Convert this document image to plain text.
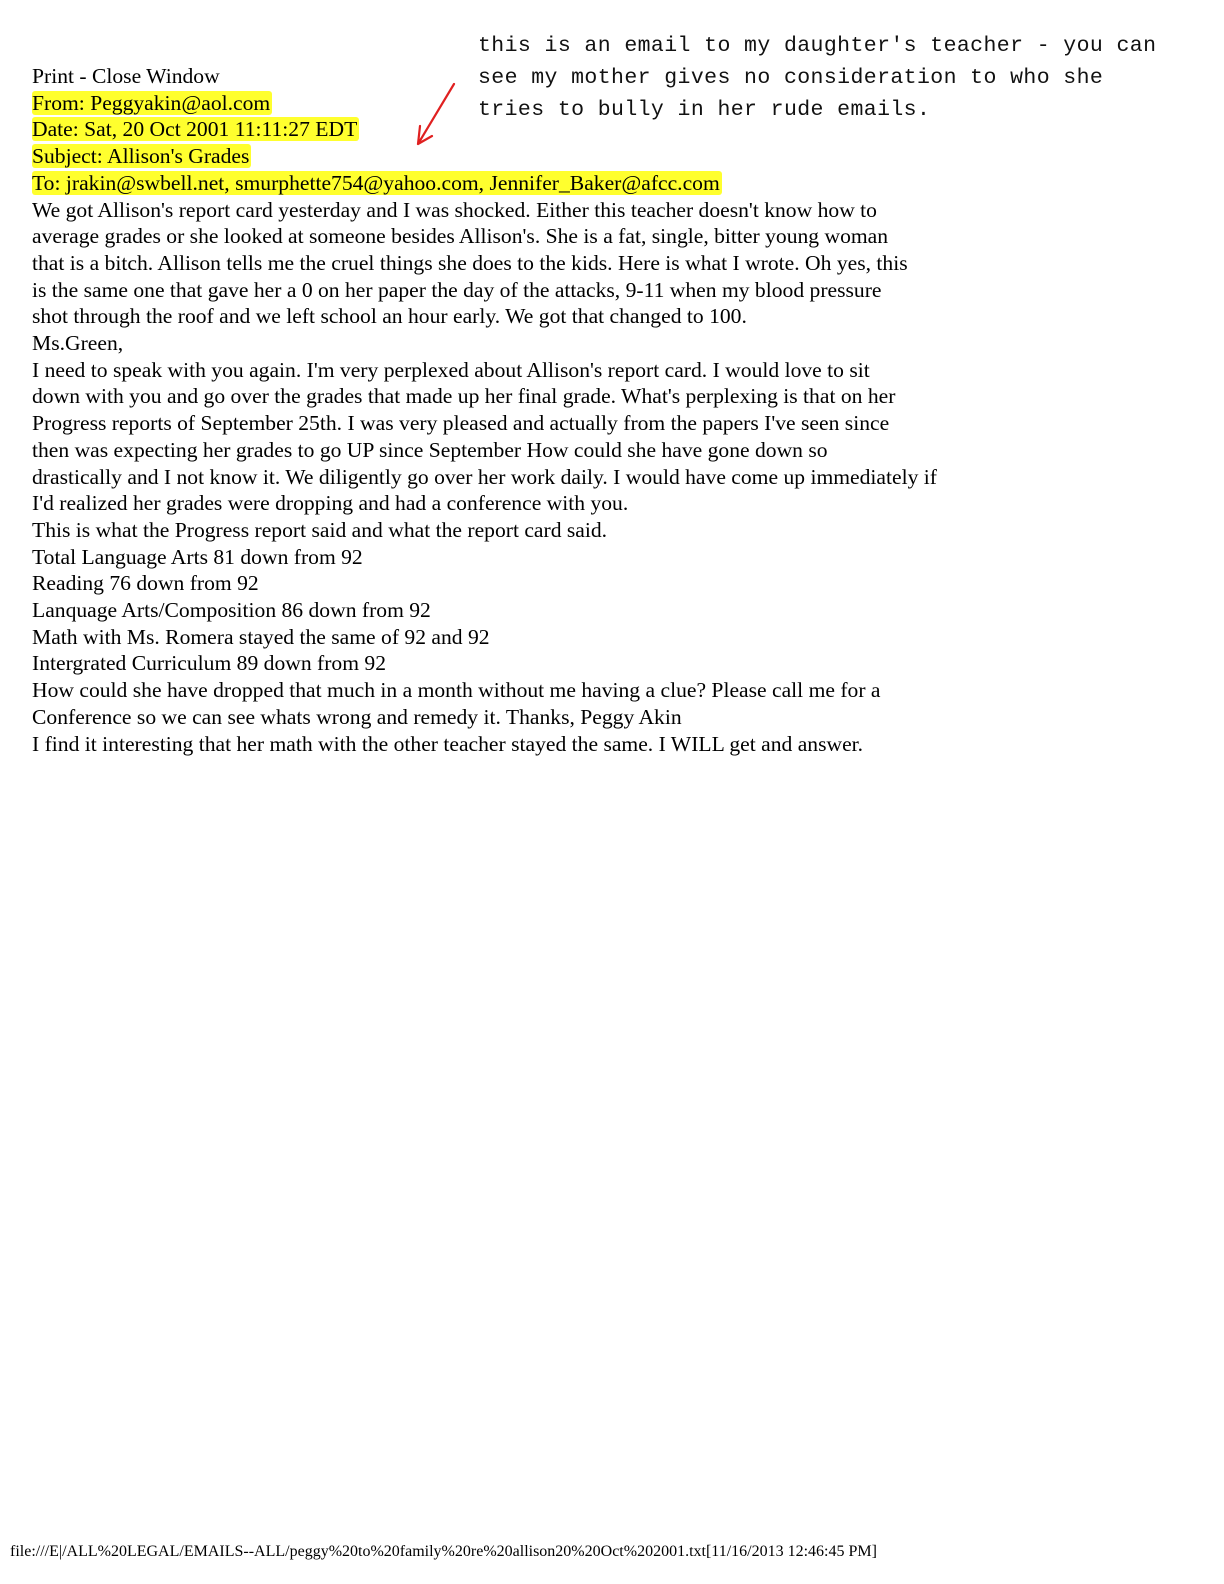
this is an email to my daughter's teacher - you can
see my mother gives no consideration to who she
tries to bully in her rude emails.
Print - Close Window
From: Peggyakin@aol.com
Date: Sat, 20 Oct 2001 11:11:27 EDT
Subject: Allison's Grades
To: jrakin@swbell.net, smurphette754@yahoo.com, Jennifer_Baker@afcc.com
We got Allison's report card yesterday and I was shocked. Either this teacher doesn't know how to
average grades or she looked at someone besides Allison's. She is a fat, single, bitter young woman
that is a bitch. Allison tells me the cruel things she does to the kids. Here is what I wrote. Oh yes, this
is the same one that gave her a 0 on her paper the day of the attacks, 9-11 when my blood pressure
shot through the roof and we left school an hour early. We got that changed to 100.
Ms.Green,
I need to speak with you again. I'm very perplexed about Allison's report card. I would love to sit
down with you and go over the grades that made up her final grade. What's perplexing is that on her
Progress reports of September 25th. I was very pleased and actually from the papers I've seen since
then was expecting her grades to go UP since September How could she have gone down so
drastically and I not know it. We diligently go over her work daily. I would have come up immediately if
I'd realized her grades were dropping and had a conference with you.
This is what the Progress report said and what the report card said.
Total Language Arts 81 down from 92
Reading 76 down from 92
Lanquage Arts/Composition 86 down from 92
Math with Ms. Romera stayed the same of 92 and 92
Intergrated Curriculum 89 down from 92
How could she have dropped that much in a month without me having a clue? Please call me for a
Conference so we can see whats wrong and remedy it. Thanks, Peggy Akin
I find it interesting that her math with the other teacher stayed the same. I WILL get and answer.
file:///E|/ALL%20LEGAL/EMAILS--ALL/peggy%20to%20family%20re%20allison20%20Oct%202001.txt[11/16/2013 12:46:45 PM]
